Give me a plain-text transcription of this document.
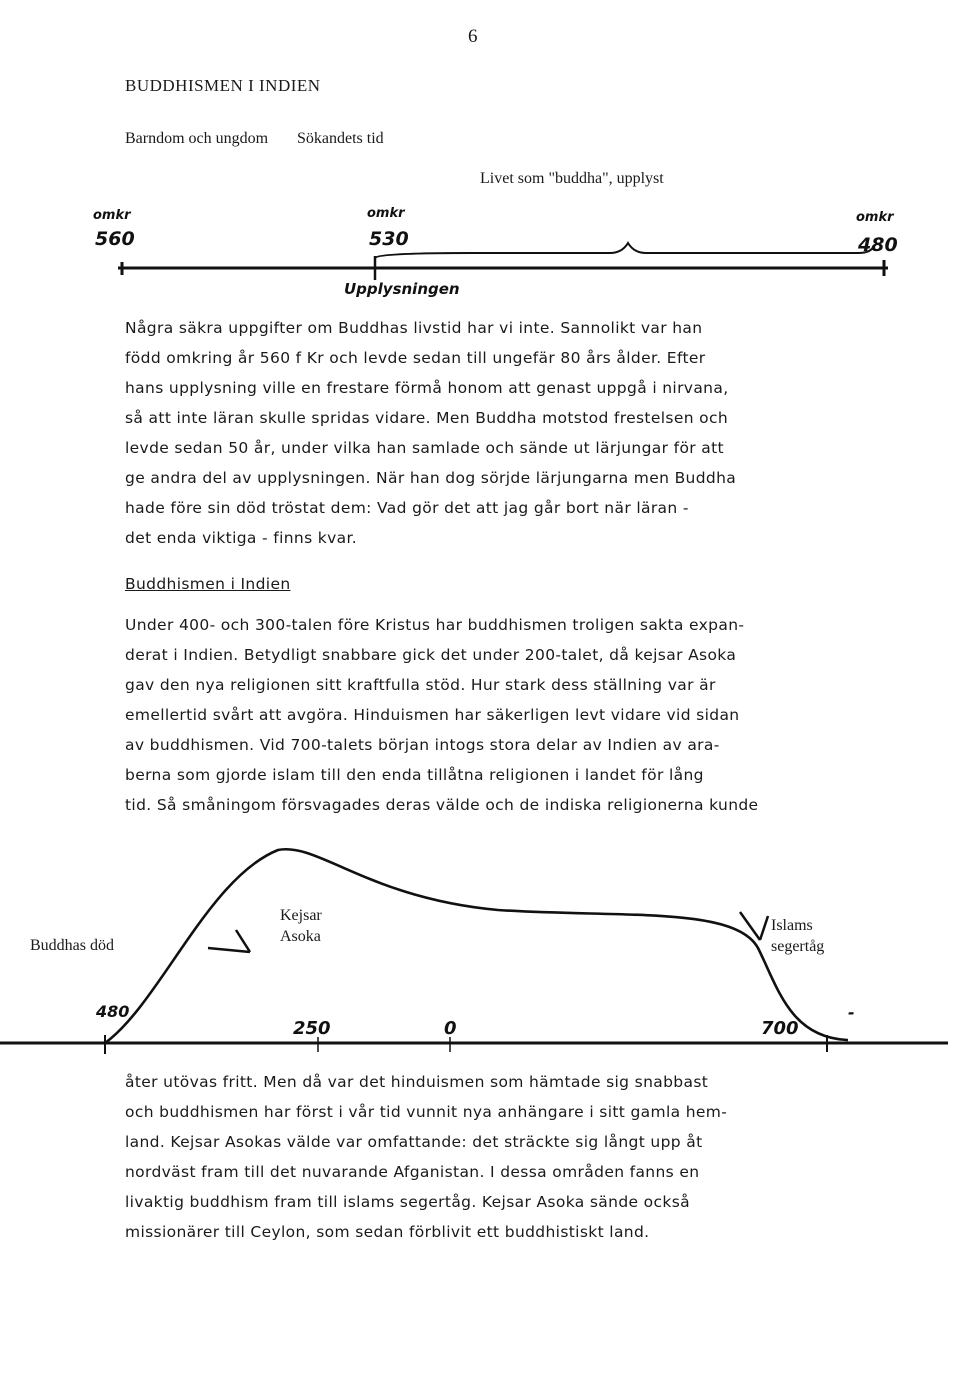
6
BUDDHISMEN I INDIEN
Barndom och ungdom	Sökandets tid
Livet som "buddha", upplyst
omkr
560
omkr
530
omkr
480
Upplysningen
Några säkra uppgifter om Buddhas livstid har vi inte. Sannolikt var han
född omkring år 560 f Kr och levde sedan till ungefär 80 års ålder. Efter
hans upplysning ville en frestare förmå honom att genast uppgå i nirvana,
så att inte läran skulle spridas vidare. Men Buddha motstod frestelsen och
levde sedan 50 år, under vilka han samlade och sände ut lärjungar för att
ge andra del av upplysningen. När han dog sörjde lärjungarna men Buddha
hade före sin död tröstat dem: Vad gör det att jag går bort när läran -
det enda viktiga - finns kvar.
Buddhismen i Indien
Under 400- och 300-talen före Kristus har buddhismen troligen sakta expan-
derat i Indien. Betydligt snabbare gick det under 200-talet, då kejsar Asoka
gav den nya religionen sitt kraftfulla stöd. Hur stark dess ställning var är
emellertid svårt att avgöra. Hinduismen har säkerligen levt vidare vid sidan
av buddhismen. Vid 700-talets början intogs stora delar av Indien av ara-
berna som gjorde islam till den enda tillåtna religionen i landet för lång
tid. Så småningom försvagades deras välde och de indiska religionerna kunde
Buddhas död
Kejsar Asoka
Islams segertåg
480
250	0	700
-
åter utövas fritt. Men då var det hinduismen som hämtade sig snabbast
och buddhismen har först i vår tid vunnit nya anhängare i sitt gamla hem-
land. Kejsar Asokas välde var omfattande: det sträckte sig långt upp åt
nordväst fram till det nuvarande Afganistan. I dessa områden fanns en
livaktig buddhism fram till islams segertåg. Kejsar Asoka sände också
missionärer till Ceylon, som sedan förblivit ett buddhistiskt land.
